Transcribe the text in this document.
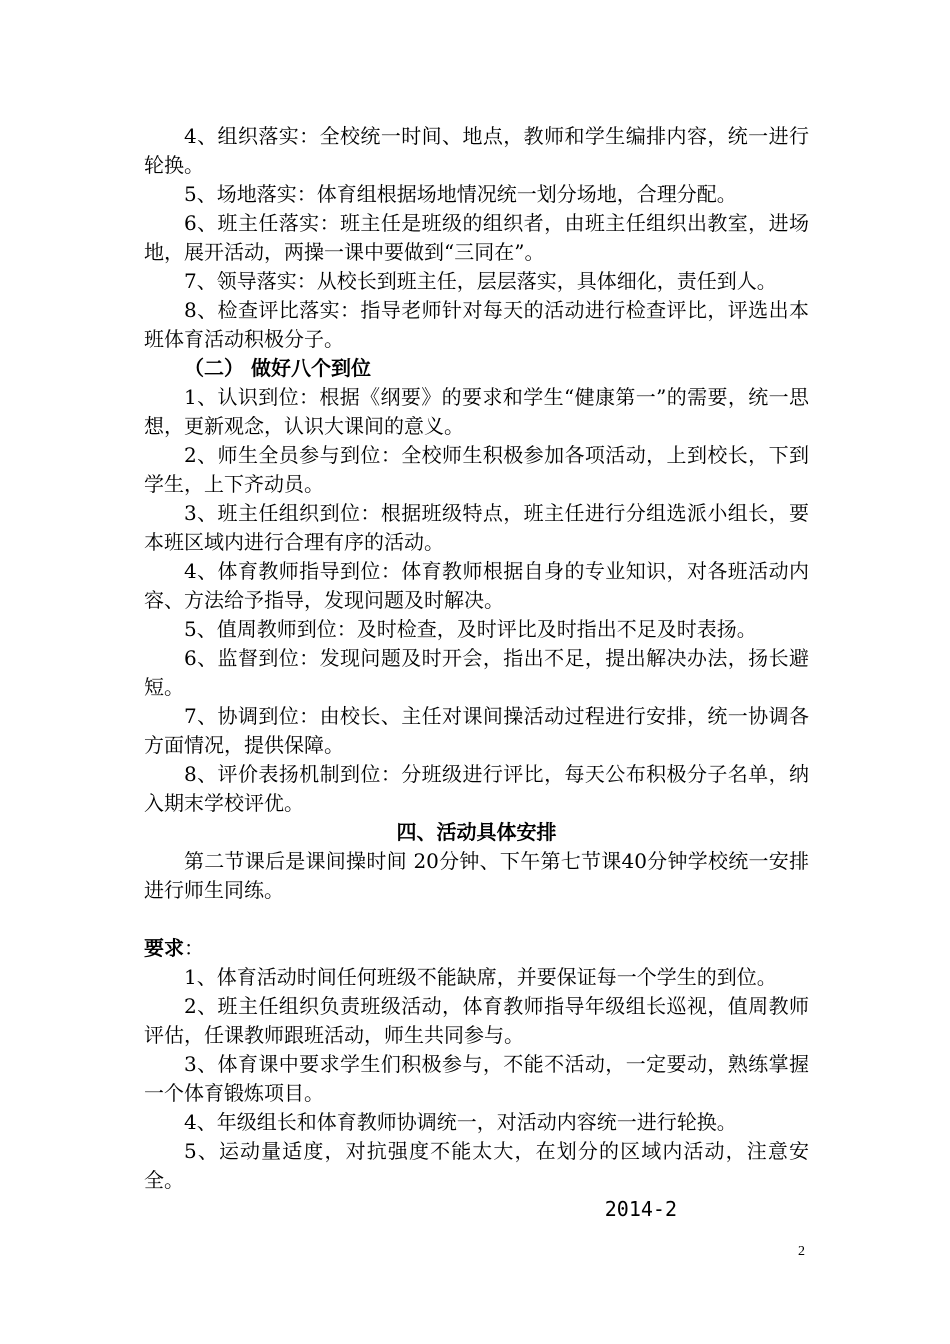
4、组织落实：全校统一时间、地点，教师和学生编排内容，统一进行轮换。

5、场地落实：体育组根据场地情况统一划分场地，合理分配。

6、班主任落实：班主任是班级的组织者，由班主任组织出教室，进场地，展开活动，两操一课中要做到“三同在”。

7、领导落实：从校长到班主任，层层落实，具体细化，责任到人。

8、检查评比落实：指导老师针对每天的活动进行检查评比，评选出本班体育活动积极分子。

（二） 做好八个到位

1、认识到位：根据《纲要》的要求和学生“健康第一”的需要，统一思想，更新观念，认识大课间的意义。

2、师生全员参与到位：全校师生积极参加各项活动，上到校长，下到学生，上下齐动员。

3、班主任组织到位：根据班级特点，班主任进行分组选派小组长，要本班区域内进行合理有序的活动。

4、体育教师指导到位：体育教师根据自身的专业知识，对各班活动内容、方法给予指导，发现问题及时解决。

5、值周教师到位：及时检查，及时评比及时指出不足及时表扬。

6、监督到位：发现问题及时开会，指出不足，提出解决办法，扬长避短。

7、协调到位：由校长、主任对课间操活动过程进行安排，统一协调各方面情况，提供保障。

8、评价表扬机制到位：分班级进行评比，每天公布积极分子名单，纳入期末学校评优。

四、活动具体安排

第二节课后是课间操时间 20分钟、下午第七节课40分钟学校统一安排进行师生同练。

要求：

1、体育活动时间任何班级不能缺席，并要保证每一个学生的到位。

2、班主任组织负责班级活动，体育教师指导年级组长巡视，值周教师评估，任课教师跟班活动，师生共同参与。

3、体育课中要求学生们积极参与，不能不活动，一定要动，熟练掌握一个体育锻炼项目。

4、年级组长和体育教师协调统一，对活动内容统一进行轮换。

5、运动量适度，对抗强度不能太大，在划分的区域内活动，注意安全。

2014-2

2
